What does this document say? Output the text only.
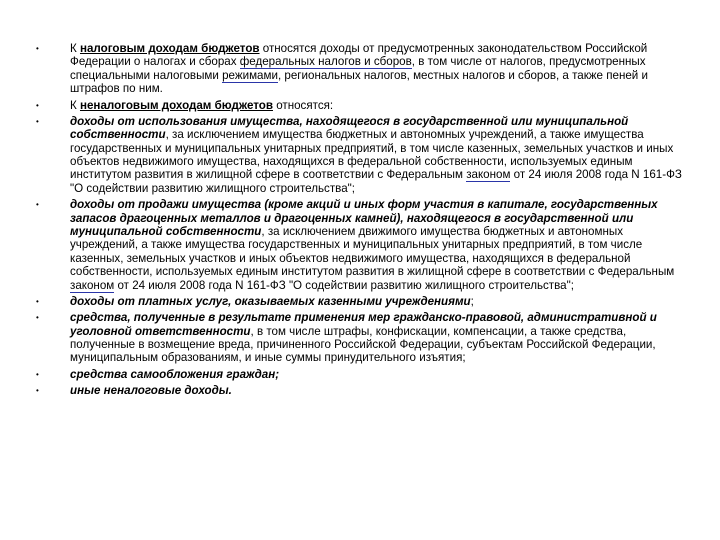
• К налоговым доходам бюджетов относятся доходы от предусмотренных законодательством Российской Федерации о налогах и сборах федеральных налогов и сборов, в том числе от налогов, предусмотренных специальными налоговыми режимами, региональных налогов, местных налогов и сборов, а также пеней и штрафов по ним.
• К неналоговым доходам бюджетов относятся:
• доходы от использования имущества, находящегося в государственной или муниципальной собственности, за исключением имущества бюджетных и автономных учреждений, а также имущества государственных и муниципальных унитарных предприятий, в том числе казенных, земельных участков и иных объектов недвижимого имущества, находящихся в федеральной собственности, используемых единым институтом развития в жилищной сфере в соответствии с Федеральным законом от 24 июля 2008 года N 161-ФЗ "О содействии развитию жилищного строительства";
• доходы от продажи имущества (кроме акций и иных форм участия в капитале, государственных запасов драгоценных металлов и драгоценных камней), находящегося в государственной или муниципальной собственности, за исключением движимого имущества бюджетных и автономных учреждений, а также имущества государственных и муниципальных унитарных предприятий, в том числе казенных, земельных участков и иных объектов недвижимого имущества, находящихся в федеральной собственности, используемых единым институтом развития в жилищной сфере в соответствии с Федеральным законом от 24 июля 2008 года N 161-ФЗ "О содействии развитию жилищного строительства";
• доходы от платных услуг, оказываемых казенными учреждениями;
• средства, полученные в результате применения мер гражданско-правовой, административной и уголовной ответственности, в том числе штрафы, конфискации, компенсации, а также средства, полученные в возмещение вреда, причиненного Российской Федерации, субъектам Российской Федерации, муниципальным образованиям, и иные суммы принудительного изъятия;
• средства самообложения граждан;
• иные неналоговые доходы.
